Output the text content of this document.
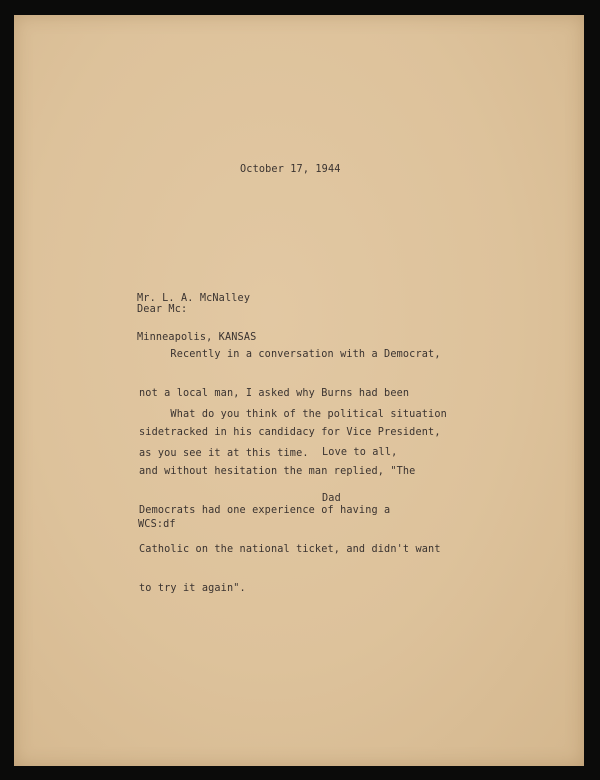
October 17, 1944

Mr. L. A. McNalley

Minneapolis, KANSAS

Dear Mc:

Recently in a conversation with a Democrat,

not a local man, I asked why Burns had been

sidetracked in his candidacy for Vice President,

and without hesitation the man replied, "The

Democrats had one experience of having a

Catholic on the national ticket, and didn't want

to try it again".

What do you think of the political situation

as you see it at this time.

	Love to all,

Dad

WCS:df
